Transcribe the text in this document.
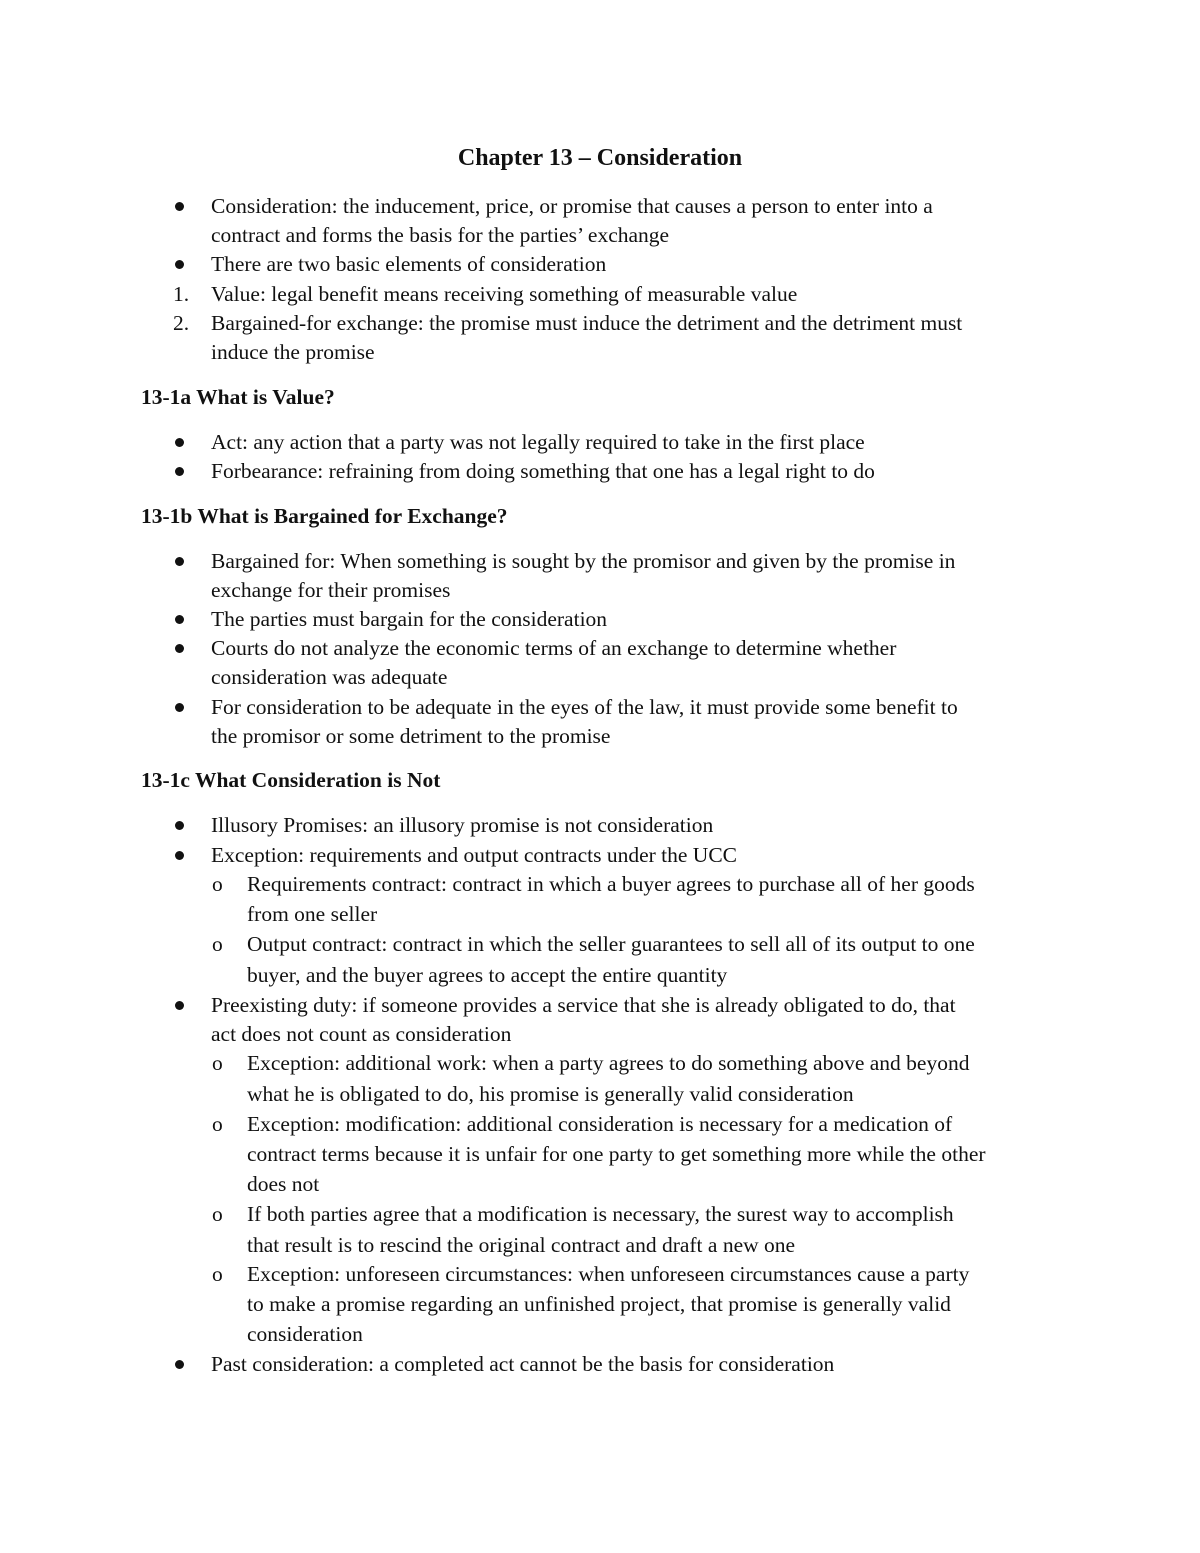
Chapter 13 – Consideration

Consideration: the inducement, price, or promise that causes a person to enter into a

contract and forms the basis for the parties’ exchange

There are two basic elements of consideration

1. Value: legal benefit means receiving something of measurable value

2. Bargained-for exchange: the promise must induce the detriment and the detriment must

induce the promise

13-1a What is Value?

Act: any action that a party was not legally required to take in the first place

Forbearance: refraining from doing something that one has a legal right to do

13-1b What is Bargained for Exchange?

Bargained for: When something is sought by the promisor and given by the promise in

exchange for their promises

The parties must bargain for the consideration

Courts do not analyze the economic terms of an exchange to determine whether

consideration was adequate

For consideration to be adequate in the eyes of the law, it must provide some benefit to

the promisor or some detriment to the promise

13-1c What Consideration is Not

Illusory Promises: an illusory promise is not consideration

Exception: requirements and output contracts under the UCC

o Requirements contract: contract in which a buyer agrees to purchase all of her goods

from one seller

o Output contract: contract in which the seller guarantees to sell all of its output to one

buyer, and the buyer agrees to accept the entire quantity

Preexisting duty: if someone provides a service that she is already obligated to do, that

act does not count as consideration

o Exception: additional work: when a party agrees to do something above and beyond

what he is obligated to do, his promise is generally valid consideration

o Exception: modification: additional consideration is necessary for a medication of

contract terms because it is unfair for one party to get something more while the other

does not

o If both parties agree that a modification is necessary, the surest way to accomplish

that result is to rescind the original contract and draft a new one

o Exception: unforeseen circumstances: when unforeseen circumstances cause a party

to make a promise regarding an unfinished project, that promise is generally valid

consideration

Past consideration: a completed act cannot be the basis for consideration
